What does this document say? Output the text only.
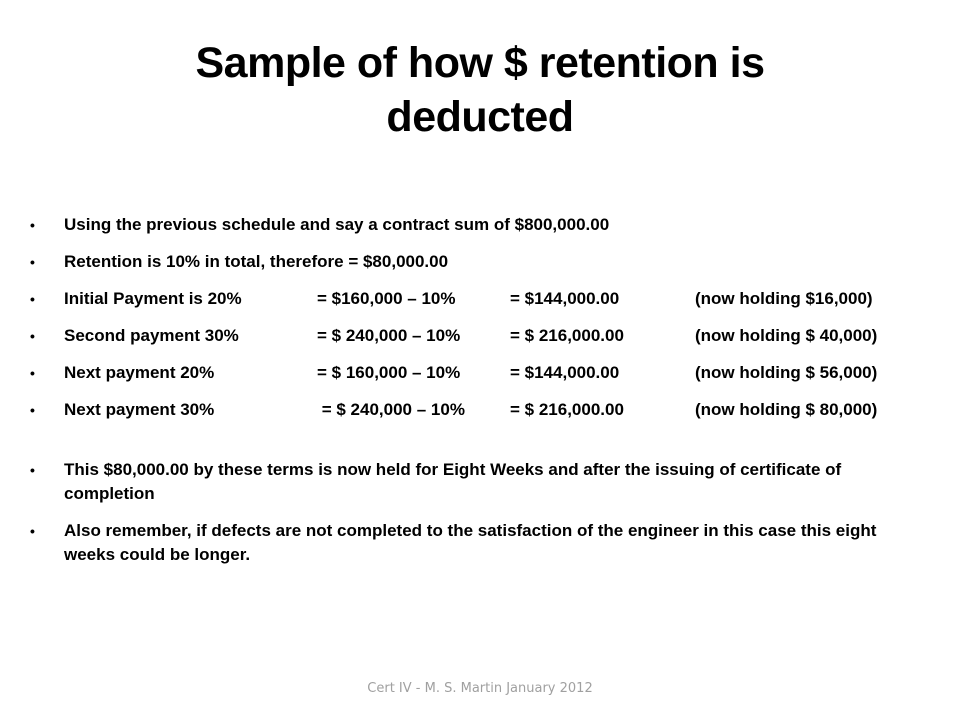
Sample of how $ retention is
deducted
• Using the previous schedule and say a contract sum of $800,000.00
• Retention is 10% in total, therefore = $80,000.00
• Initial Payment is 20%	= $160,000 – 10%	= $144,000.00	(now holding $16,000)
• Second payment 30%	= $ 240,000 – 10%	= $ 216,000.00	(now holding $ 40,000)
• Next payment 20%	= $ 160,000 – 10%	= $144,000.00	(now holding $ 56,000)
• Next payment 30%	= $ 240,000 – 10%	= $ 216,000.00	(now holding $ 80,000)
• This $80,000.00 by these terms is now held for Eight Weeks and after the issuing of certificate of completion
• Also remember, if defects are not completed to the satisfaction of the engineer in this case this eight weeks could be longer.
Cert IV - M. S. Martin January 2012
